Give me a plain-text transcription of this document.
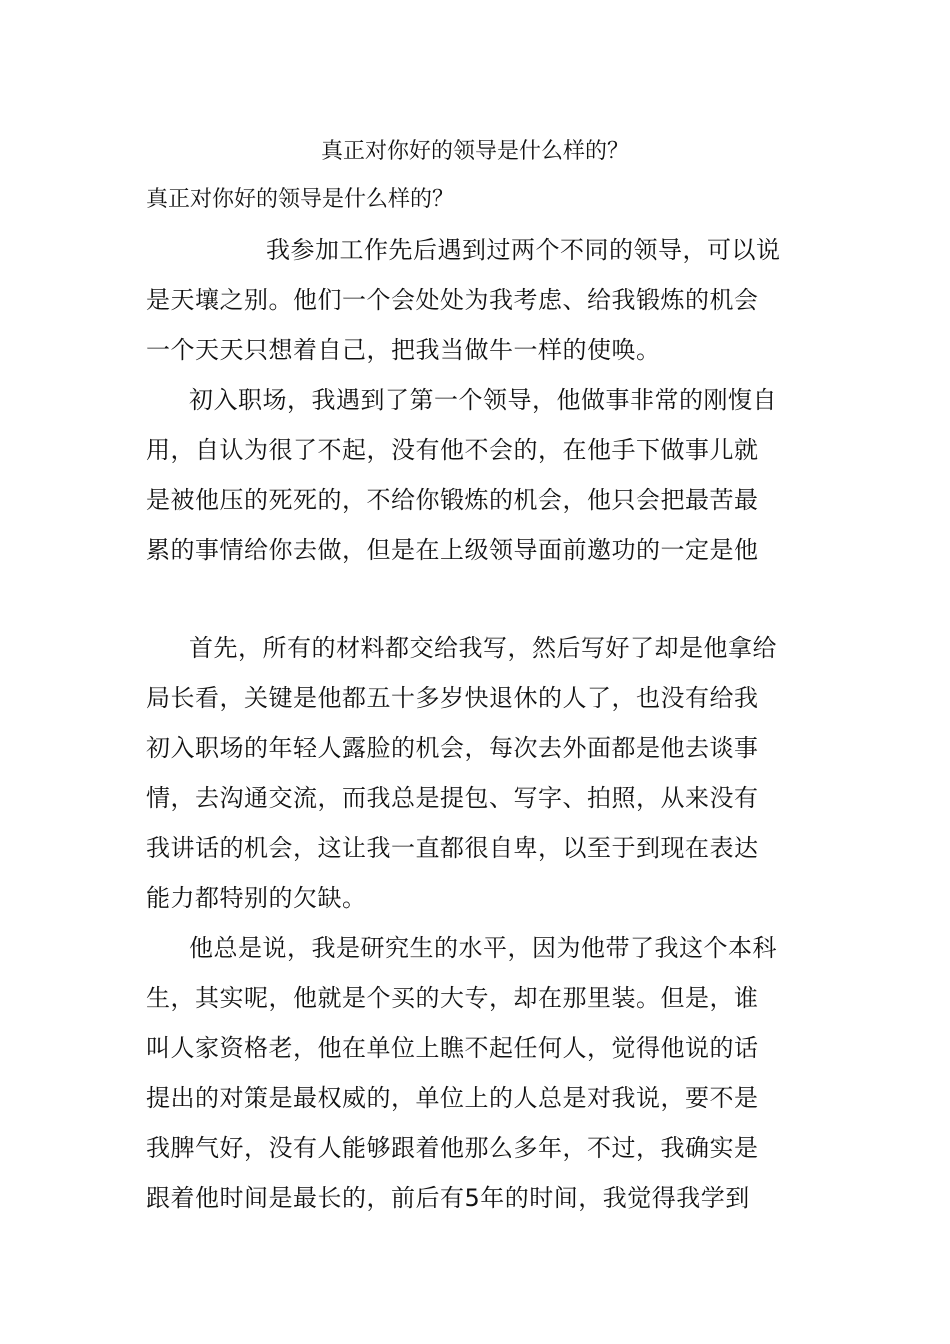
真正对你好的领导是什么样的？
真正对你好的领导是什么样的？
我参加工作先后遇到过两个不同的领导，可以说
是天壤之别。他们一个会处处为我考虑、给我锻炼的机会
一个天天只想着自己，把我当做牛一样的使唤。
初入职场，我遇到了第一个领导，他做事非常的刚愎自
用，自认为很了不起，没有他不会的，在他手下做事儿就
是被他压的死死的，不给你锻炼的机会，他只会把最苦最
累的事情给你去做，但是在上级领导面前邀功的一定是他
首先，所有的材料都交给我写，然后写好了却是他拿给
局长看，关键是他都五十多岁快退休的人了，也没有给我
初入职场的年轻人露脸的机会，每次去外面都是他去谈事
情，去沟通交流，而我总是提包、写字、拍照，从来没有
我讲话的机会，这让我一直都很自卑，以至于到现在表达
能力都特别的欠缺。
他总是说，我是研究生的水平，因为他带了我这个本科
生，其实呢，他就是个买的大专，却在那里装。但是，谁
叫人家资格老，他在单位上瞧不起任何人，觉得他说的话
提出的对策是最权威的，单位上的人总是对我说，要不是
我脾气好，没有人能够跟着他那么多年，不过，我确实是
跟着他时间是最长的，前后有5年的时间，我觉得我学到
